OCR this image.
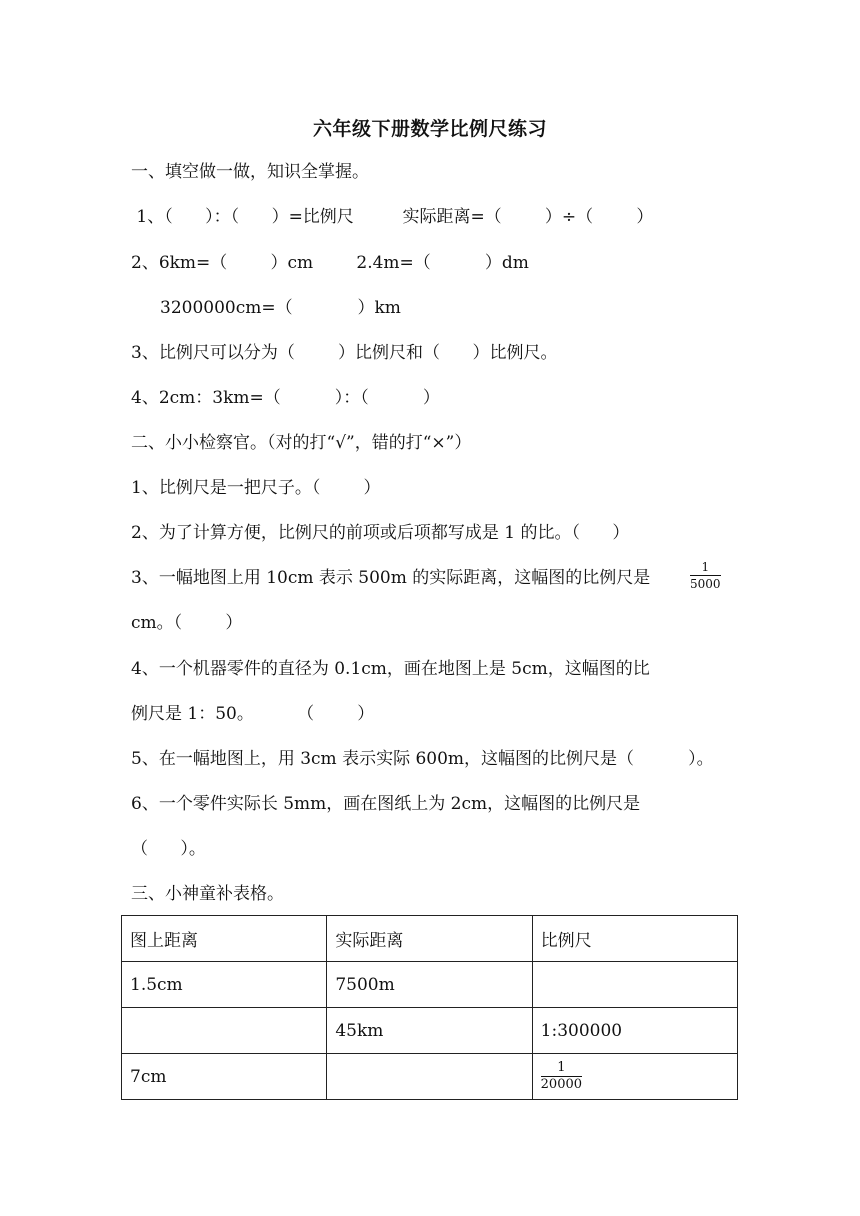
六年级下册数学比例尺练习
一、填空做一做，知识全掌握。
1、（      ）：（      ）=比例尺         实际距离=（        ）÷（        ）
2、6km=（        ）cm        2.4m=（          ）dm
3200000cm=（            ）km
3、比例尺可以分为（        ）比例尺和（      ）比例尺。
4、2cm：3km=（          ）：（          ）
二、小小检察官。（对的打“√”，错的打“×”）
1、比例尺是一把尺子。（        ）
2、为了计算方便，比例尺的前项或后项都写成是 1 的比。（      ）
3、一幅地图上用 10cm 表示 500m 的实际距离，这幅图的比例尺是	$\frac{1}{5000}$
cm。（        ）
4、一个机器零件的直径为 0.1cm，画在地图上是 5cm，这幅图的比
例尺是 1：50。        （        ）
5、在一幅地图上，用 3cm 表示实际 600m，这幅图的比例尺是（          ）。
6、一个零件实际长 5mm，画在图纸上为 2cm，这幅图的比例尺是
（      ）。
三、小神童补表格。
图上距离	实际距离	比例尺
1.5cm	7500m	
	45km	1:300000
7cm		$\frac{1}{20000}$
